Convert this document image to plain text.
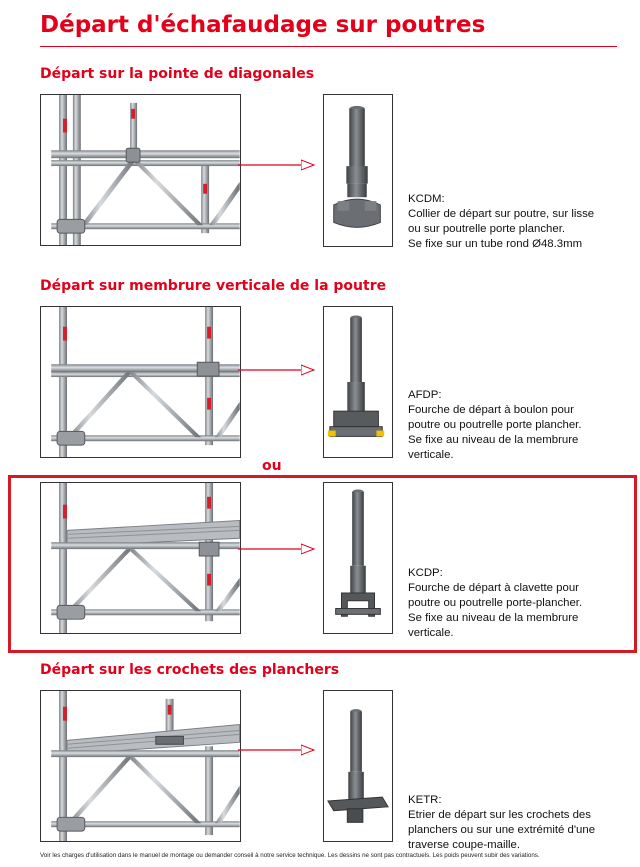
Départ d'échafaudage sur poutres
Départ sur la pointe de diagonales
KCDM:
Collier de départ sur poutre, sur lisse
ou sur poutrelle porte plancher.
Se fixe sur un tube rond Ø48.3mm
Départ sur membrure verticale de la poutre
AFDP:
Fourche de départ à boulon pour
poutre ou poutrelle porte plancher.
Se fixe au niveau de la membrure
verticale.
ou
KCDP:
Fourche de départ à clavette pour
poutre ou poutrelle porte-plancher.
Se fixe au niveau de la membrure
verticale.
Départ sur les crochets des planchers
KETR:
Etrier de départ sur les crochets des
planchers ou sur une extrémité d'une
traverse coupe-maille.
Voir les charges d'utilisation dans le manuel de montage ou demander conseil à notre service technique. Les dessins ne sont pas contractuels. Les poids peuvent subir des variations.
